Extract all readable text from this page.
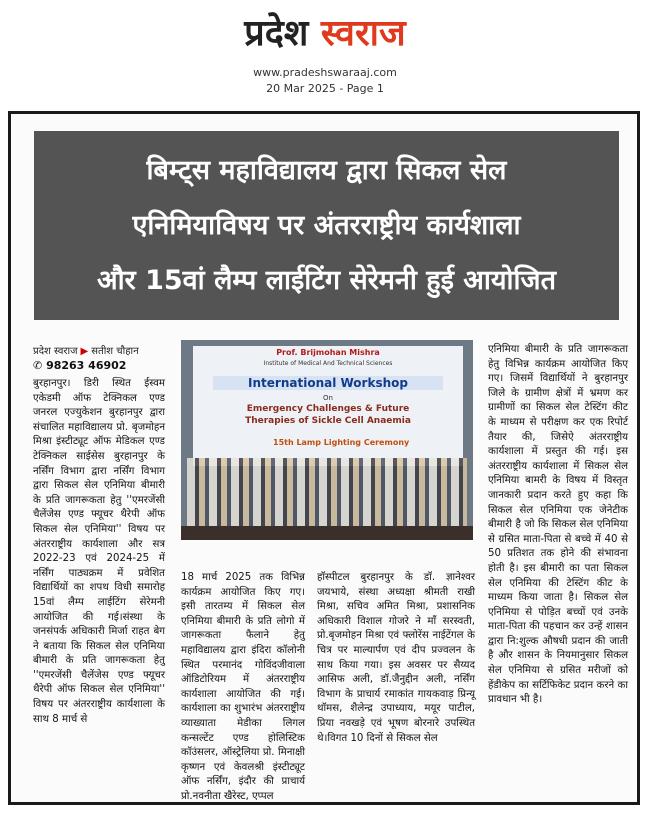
प्रदेश स्वराज
www.pradeshswaraaj.com
20 Mar 2025 - Page 1
बिम्ट्स महाविद्यालय द्वारा सिकल सेल
एनिमियाविषय पर अंतरराष्ट्रीय कार्यशाला
और 15वां लैम्प लाईटिंग सेरेमनी हुई आयोजित
प्रदेश स्वराज ▶ सतीश चौहान
✆ 98263 46902
Prof. Brijmohan Mishra
Institute of Medical And Technical Sciences
International Workshop
On
Emergency Challenges & Future
Therapies of Sickle Cell Anaemia
15th Lamp Lighting Ceremony

बुरहानपुर। डिरी स्थित ईस्वम एकेडमी ऑफ टेक्निकल एण्ड जनरल एज्युकेशन बुरहानपुर द्वारा संचालित महाविद्यालय प्रो. बृजमोहन मिश्रा इंस्टीट्यूट ऑफ मेडिकल एण्ड टेक्निकल साईसेस बुरहानपुर के नर्सिंग विभाग द्वारा नर्सिंग विभाग द्वारा सिकल सेल एनिमिया बीमारी के प्रति जागरूकता हेतु ''एमरजेंसी चैलेंजेस एण्ड फ्यूचर थैरेपी ऑफ सिकल सेल एनिमिया'' विषय पर अंतरराष्ट्रीय कार्यशाला और सत्र 2022-23 एवं 2024-25 में नर्सिंग पाठ्यक्रम में प्रवेशित विद्यार्थियों का शपथ विधी समारोह 15वां लैम्प लाईटिंग सेरेमनी आयोजित की गई।संस्था के जनसंपर्क अधिकारी मिर्जा राहत बेग ने बताया कि सिकल सेल एनिमिया बीमारी के प्रति जागरूकता हेतु ''एमरजेंसी चैलेंजेस एण्ड फ्यूचर थैरेपी ऑफ सिकल सेल एनिमिया'' विषय पर अंतरराष्ट्रीय कार्यशाला के साथ 8 मार्च से

18 मार्च 2025 तक विभिन्न कार्यक्रम आयोजित किए गए। इसी तारतम्य में सिकल सेल एनिमिया बीमारी के प्रति लोगो में जागरूकता फैलाने हेतु महाविद्यालय द्वारा इंदिरा कॉलोनी स्थित परमानंद गोविंदजीवाला ऑडिटोरियम में अंतरराष्ट्रीय कार्यशाला आयोजित की गई।कार्यशाला का शुभारंभ अंतरराष्ट्रीय व्याख्याता मेडीका लिगल कन्सल्टेंट एण्ड होलिस्टिक कॉउंसलर, ऑस्ट्रेलिया प्रो. मिनाक्षी कृष्णन एवं केवलश्री इंस्टीट्यूट ऑफ नर्सिंग, इंदौर की प्राचार्य प्रो.नवनीता खैरेस्ट, एप्पल

हॉस्पीटल बुरहानपुर के डॉ. ज्ञानेश्वर जयभाये, संस्था अध्यक्षा श्रीमती राखी मिश्रा, सचिव अमित मिश्रा, प्रशासनिक अधिकारी विशाल गोजरे ने माँ सरस्वती, प्रो.बृजमोहन मिश्रा एवं फ्लोरेंस नाईटेंगल के चित्र पर माल्यार्पण एवं दीप प्रज्वलन के साथ किया गया। इस अवसर पर सैय्यद आसिफ अली, डॉ.जैनुद्दीन अली, नर्सिंग विभाग के प्राचार्य रमाकांत गायकवाड़ प्रिन्यू थॉमस, शैलेन्द्र उपाध्याय, मयूर पाटील, प्रिया नवखड़े एवं भूषण बोरनारे उपस्थित थे।विगत 10 दिनों से सिकल सेल

एनिमिया बीमारी के प्रति जागरूकता हेतु विभिन्न कार्यक्रम आयोजित किए गए। जिसमें विद्यार्थियों ने बुरहानपुर जिले के ग्रामीण क्षेत्रों में भ्रमण कर ग्रामीणों का सिकल सेल टेस्टिंग कीट के माध्यम से परीक्षण कर एक रिपोर्ट तैयार की, जिसेऐ अंतरराष्ट्रीय कार्यशाला में प्रस्तुत की गई। इस अंतरराष्ट्रीय कार्यशाला में सिकल सेल एनिमिया बामरी के विषय में विस्तृत जानकारी प्रदान करते हुए कहा कि सिकल सेल एनिमिया एक जेनेटीक बीमारी है जो कि सिकल सेल एनिमिया से ग्रसित माता-पिता से बच्चे में 40 से 50 प्रतिशत तक होने की संभावना होती है। इस बीमारी का पता सिकल सेल एनिमिया की टेस्टिंग कीट के माध्यम किया जाता है। सिकल सेल एनिमिया से पोड़ित बच्चों एवं उनके माता-पिता की पहचान कर उन्हें शासन द्वारा नि:शुल्क औषधी प्रदान की जाती है और शासन के नियमानुसार सिकल सेल एनिमिया से ग्रसित मरीजों को हेंडीकेप का सर्टिफिकेट प्रदान करने का प्रावधान भी है।
